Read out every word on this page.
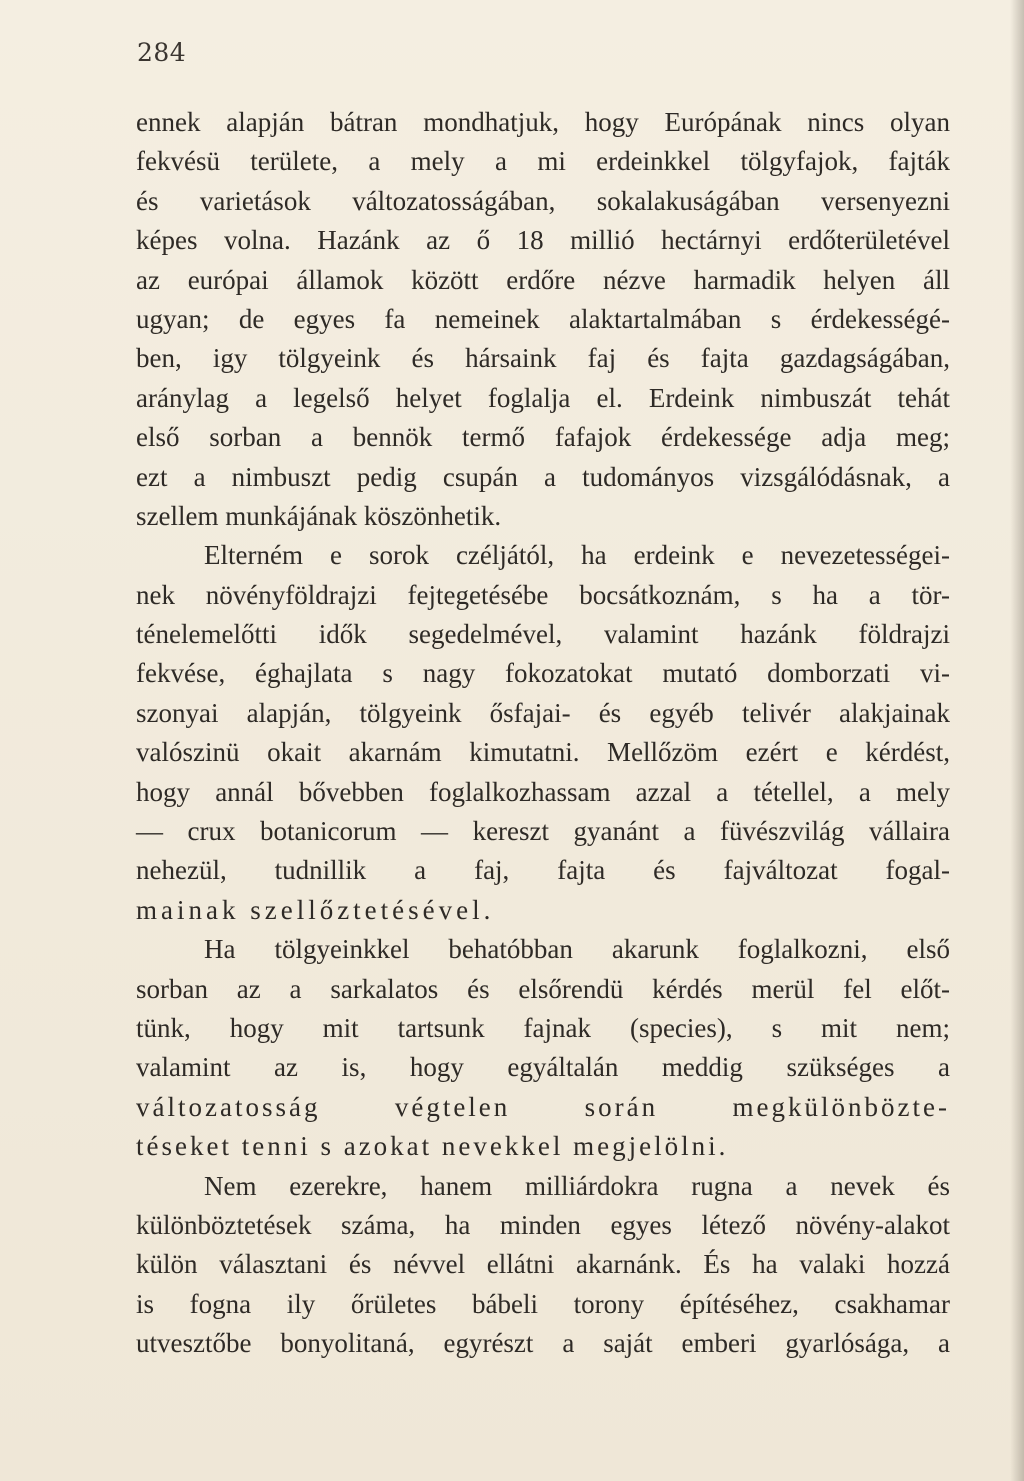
284
ennek alapján bátran mondhatjuk, hogy Európának nincs olyan
fekvésü területe, a mely a mi erdeinkkel tölgyfajok, fajták
és varietások változatosságában, sokalakuságában versenyezni
képes volna. Hazánk az ő 18 millió hectárnyi erdőterületével
az európai államok között erdőre nézve harmadik helyen áll
ugyan; de egyes fa nemeinek alaktartalmában s érdekességé-
ben, igy tölgyeink és hársaink faj és fajta gazdagságában,
aránylag a legelső helyet foglalja el. Erdeink nimbuszát tehát
első sorban a bennök termő fafajok érdekessége adja meg;
ezt a nimbuszt pedig csupán a tudományos vizsgálódásnak, a
szellem munkájának köszönhetik.
Elterném e sorok czéljától, ha erdeink e nevezetességei-
nek növényföldrajzi fejtegetésébe bocsátkoznám, s ha a tör-
ténelemelőtti idők segedelmével, valamint hazánk földrajzi
fekvése, éghajlata s nagy fokozatokat mutató domborzati vi-
szonyai alapján, tölgyeink ősfajai- és egyéb telivér alakjainak
valószinü okait akarnám kimutatni. Mellőzöm ezért e kérdést,
hogy annál bővebben foglalkozhassam azzal a tétellel, a mely
— crux botanicorum — kereszt gyanánt a füvészvilág vállaira
nehezül, tudnillik a faj, fajta és fajváltozat fogal-
mainak szellőztetésével.
Ha tölgyeinkkel behatóbban akarunk foglalkozni, első
sorban az a sarkalatos és elsőrendü kérdés merül fel előt-
tünk, hogy mit tartsunk fajnak (species), s mit nem;
valamint az is, hogy egyáltalán meddig szükséges a
változatosság végtelen során megkülönbözte-
téseket tenni s azokat nevekkel megjelölni.
Nem ezerekre, hanem milliárdokra rugna a nevek és
különböztetések száma, ha minden egyes létező növény-alakot
külön választani és névvel ellátni akarnánk. És ha valaki hozzá
is fogna ily őrületes bábeli torony építéséhez, csakhamar
utvesztőbe bonyolitaná, egyrészt a saját emberi gyarlósága, a
